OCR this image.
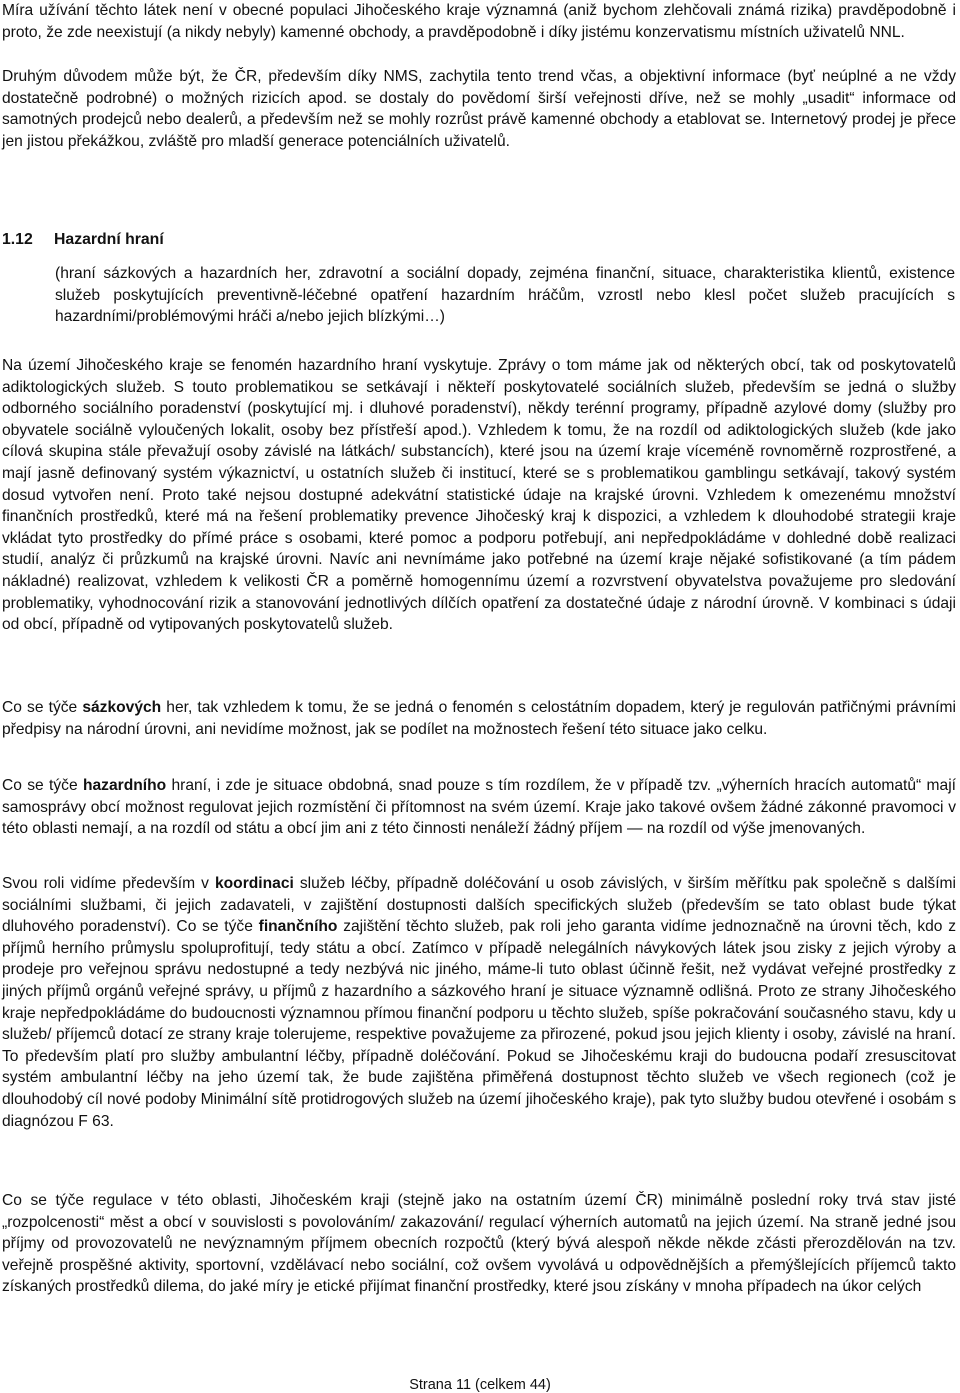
Míra užívání těchto látek není v obecné populaci Jihočeského kraje významná (aniž bychom zlehčovali známá rizika) pravděpodobně i proto, že zde neexistují (a nikdy nebyly) kamenné obchody, a pravděpodobně i díky jistému konzervatismu místních uživatelů NNL.
Druhým důvodem může být, že ČR, především díky NMS, zachytila tento trend včas, a objektivní informace (byť neúplné a ne vždy dostatečně podrobné) o možných rizicích apod. se dostaly do povědomí širší veřejnosti dříve, než se mohly „usadit“ informace od samotných prodejců nebo dealerů, a především než se mohly rozrůst právě kamenné obchody a etablovat se. Internetový prodej je přece jen jistou překážkou, zvláště pro mladší generace potenciálních uživatelů.
1.12 Hazardní hraní
(hraní sázkových a hazardních her, zdravotní a sociální dopady, zejména finanční, situace, charakteristika klientů, existence služeb poskytujících preventivně-léčebné opatření hazardním hráčům, vzrostl nebo klesl počet služeb pracujících s hazardními/problémovými hráči a/nebo jejich blízkými…)
Na území Jihočeského kraje se fenomén hazardního hraní vyskytuje. Zprávy o tom máme jak od některých obcí, tak od poskytovatelů adiktologických služeb. S touto problematikou se setkávají i někteří poskytovatelé sociálních služeb, především se jedná o služby odborného sociálního poradenství (poskytující mj. i dluhové poradenství), někdy terénní programy, případně azylové domy (služby pro obyvatele sociálně vyloučených lokalit, osoby bez přístřeší apod.). Vzhledem k tomu, že na rozdíl od adiktologických služeb (kde jako cílová skupina stále převažují osoby závislé na látkách/ substancích), které jsou na území kraje víceméně rovnoměrně rozprostřené, a mají jasně definovaný systém výkaznictví, u ostatních služeb či institucí, které se s problematikou gamblingu setkávají, takový systém dosud vytvořen není. Proto také nejsou dostupné adekvátní statistické údaje na krajské úrovni. Vzhledem k omezenému množství finančních prostředků, které má na řešení problematiky prevence Jihočeský kraj k dispozici, a vzhledem k dlouhodobé strategii kraje vkládat tyto prostředky do přímé práce s osobami, které pomoc a podporu potřebují, ani nepředpokládáme v dohledné době realizaci studií, analýz či průzkumů na krajské úrovni. Navíc ani nevnímáme jako potřebné na území kraje nějaké sofistikované (a tím pádem nákladné) realizovat, vzhledem k velikosti ČR a poměrně homogennímu území a rozvrstvení obyvatelstva považujeme pro sledování problematiky, vyhodnocování rizik a stanovování jednotlivých dílčích opatření za dostatečné údaje z národní úrovně. V kombinaci s údaji od obcí, případně od vytipovaných poskytovatelů služeb.
Co se týče sázkových her, tak vzhledem k tomu, že se jedná o fenomén s celostátním dopadem, který je regulován patřičnými právními předpisy na národní úrovni, ani nevidíme možnost, jak se podílet na možnostech řešení této situace jako celku.
Co se týče hazardního hraní, i zde je situace obdobná, snad pouze s tím rozdílem, že v případě tzv. „výherních hracích automatů“ mají samosprávy obcí možnost regulovat jejich rozmístění či přítomnost na svém území. Kraje jako takové ovšem žádné zákonné pravomoci v této oblasti nemají, a na rozdíl od státu a obcí jim ani z této činnosti nenáleží žádný příjem — na rozdíl od výše jmenovaných.
Svou roli vidíme především v koordinaci služeb léčby, případně doléčování u osob závislých, v širším měřítku pak společně s dalšími sociálními službami, či jejich zadavateli, v zajištění dostupnosti dalších specifických služeb (především se tato oblast bude týkat dluhového poradenství). Co se týče finančního zajištění těchto služeb, pak roli jeho garanta vidíme jednoznačně na úrovni těch, kdo z příjmů herního průmyslu spoluprofitují, tedy státu a obcí. Zatímco v případě nelegálních návykových látek jsou zisky z jejich výroby a prodeje pro veřejnou správu nedostupné a tedy nezbývá nic jiného, máme-li tuto oblast účinně řešit, než vydávat veřejné prostředky z jiných příjmů orgánů veřejné správy, u příjmů z hazardního a sázkového hraní je situace významně odlišná. Proto ze strany Jihočeského kraje nepředpokládáme do budoucnosti významnou přímou finanční podporu u těchto služeb, spíše pokračování současného stavu, kdy u služeb/ příjemců dotací ze strany kraje tolerujeme, respektive považujeme za přirozené, pokud jsou jejich klienty i osoby, závislé na hraní. To především platí pro služby ambulantní léčby, případně doléčování. Pokud se Jihočeskému kraji do budoucna podaří zresuscitovat systém ambulantní léčby na jeho území tak, že bude zajištěna přiměřená dostupnost těchto služeb ve všech regionech (což je dlouhodobý cíl nové podoby Minimální sítě protidrogových služeb na území jihočeského kraje), pak tyto služby budou otevřené i osobám s diagnózou F 63.
Co se týče regulace v této oblasti, Jihočeském kraji (stejně jako na ostatním území ČR) minimálně poslední roky trvá stav jisté „rozpolcenosti“ měst a obcí v souvislosti s povolováním/ zakazování/ regulací výherních automatů na jejich území. Na straně jedné jsou příjmy od provozovatelů ne nevýznamným příjmem obecních rozpočtů (který bývá alespoň někde někde zčásti přerozdělován na tzv. veřejně prospěšné aktivity, sportovní, vzdělávací nebo sociální, což ovšem vyvolává u odpovědnějších a přemýšlejících příjemců takto získaných prostředků dilema, do jaké míry je etické přijímat finanční prostředky, které jsou získány v mnoha případech na úkor celých
Strana 11 (celkem 44)
